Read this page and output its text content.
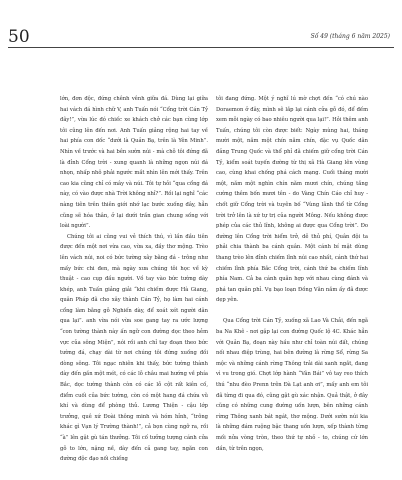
50	Số 49 (tháng 6 năm 2025)

lớn, đơn độc, đứng chênh vênh giữa đá. Dùng lại giữa hai vách đá hình chữ V, anh Tuấn nói “Cổng trời Cán Tỷ đây!”, vừa lúc đó chiếc xe khách chở các bạn cùng lớp tôi cũng lên đến nơi. Anh Tuấn giảng rộng hai tay về hai phía con dốc “dưới là Quản Bạ, trên là Yên Minh”. Nhìn về trước và hai bên sườn núi - mà chỗ tôi đứng đã là đỉnh Cổng trời - xung quanh là những ngọn núi đá nhọn, nhấp nhô phải ngước mắt nhìn lên mới thấy. Trên cao kia cũng chỉ có mây và núi. Tôi tự hỏi “qua cổng đá này, có vào được nhà Trời không nhỉ?”. Rồi lại nghĩ “các nàng tiên trên thiên giới nhớ lạc bước xuống đây, hẳn cũng sẽ hóa thân, ở lại dưới trần gian chung sống với loài người”.

Chúng tôi ai cũng vui vẻ thích thú, vì lần đầu tiên được đến một nơi vừa cao, vừa xa, đầy thơ mộng. Trèo lên vách núi, noi có bức tường xây bằng đá - trông như mấy bức chi đen, mà ngày xưa chúng tôi học về kỳ thuật - cao cụp đầu người. Vồ tay vào bức tường dày khép, anh Tuấn giảng giải “khi chiếm được Hà Giang, quân Pháp đã cho xây thành Cán Tỷ, họ làm hai cánh cổng làm bằng gỗ Nghiến dày, để xoát xét người dân qua lại”. anh vừa nói vừa soe gang tay ra ước lượng “con tường thành này ấn ngữ con đường dọc theo hẻm vực của sông Miện”, nói rồi anh chỉ tay đoạn theo bức tường đá, chạy dài từ nơi chúng tôi đứng xuống đồi dòng sông. Tôi ngạc nhiên khi thấy, bức tường thành dày đến gần một mét, có các lỗ châu mai hướng về phía Bắc, dọc tường thành còn có các lỗ cột rất kiên cố, điểm cuối của bức tường, còn có một hang đá chứa vũ khí và dùng để phòng thủ. Lương Thiện - cậu lớp trưởng, quê xứ Đoài thông minh và hóm hỉnh, “trông khác gì Vạn lý Trường thành!”, cả bọn cùng ngỡ ra, rồi “à” lên gật gù tán thưởng. Tôi cố tưởng tượng cánh cửa gỗ to lớn, nặng nề, dày đến cả gang tay, ngăn con đường độc đạo nối chiếng

tôi đang đứng. Một ý nghĩ lú mờ chợt đến “có chú nào Doraemon ở đây, mình sẽ lắp lại cánh cửa gỗ đó, để đếm xem mỗi ngày có bao nhiêu người qua lại!”. Hỏi thêm anh Tuấn, chúng tôi còn được biết: Ngày mùng hai, tháng mười một, năm một chín năm chín, đặc vụ Quốc dân đảng Trung Quốc và thổ phỉ đã chiếm giữ cổng trời Cán Tỷ, kiểm soát tuyến đường từ thị xã Hà Giang lên vùng cao, cùng khai chống phá cách mạng. Cuối tháng mười một, năm một nghìn chín năm mươi chín, chúng tăng cường thêm bốn mươi tên - do Vàng Chín Cáo chỉ huy - chốt giữ Cổng trời và tuyên bố “Vùng lãnh thổ từ Cổng trời trở lên là xứ tự trị của người Mông. Nếu không được phép của các thủ lĩnh, không ai được qua Cổng trời”. Đo đường lên Cổng trời hiểm trở, dễ thủ phí, Quân đội ta phải chia thành ba cánh quân. Một cánh bí mật dùng thang trèo lên đỉnh chiếm lĩnh núi cao nhất, cánh thứ hai chiếm lĩnh phía Bắc Cổng trời, cánh thứ ba chiếm lĩnh phía Nam. Cả ba cánh quân hợp với nhau cùng đánh và phá tan quân phỉ. Vụ bạo loạn Đồng Văn năm ấy đã được dẹp yên.

Qua Cổng trời Cán Tỷ, xuống xã Lao Và Chải, đến ngã ba Na Khê - nơi gặp lại con đường Quốc lộ 4C. Khác hẳn với Quản Bạ, đoạn này hầu như chỉ toàn núi đất, chúng nối nhau điệp trùng, hai bên đường là rừng Sổ, rừng Sa mộc và những cánh rừng Thông trải dài xanh ngắt, đang vì vu trong gió. Chợt lớp hành “Vân Bái” vô tay reo thích thú “nhu đèo Prenn trên Đà Lạt anh ơi”, mấy anh em tôi đã từng đi qua đó, cũng gật gù xác nhận. Quả thật, ở đây cũng có những cung đường uốn lượn, bên những cánh rừng Thông xanh bát ngát, thơ mộng. Dưới sườn núi kia là những đám ruộng bậc thang uốn lượn, xếp thành từng mối nửa vòng tròn, theo thứ tự nhỏ - to, chúng cứ lớn dần, từ trên ngọn,
